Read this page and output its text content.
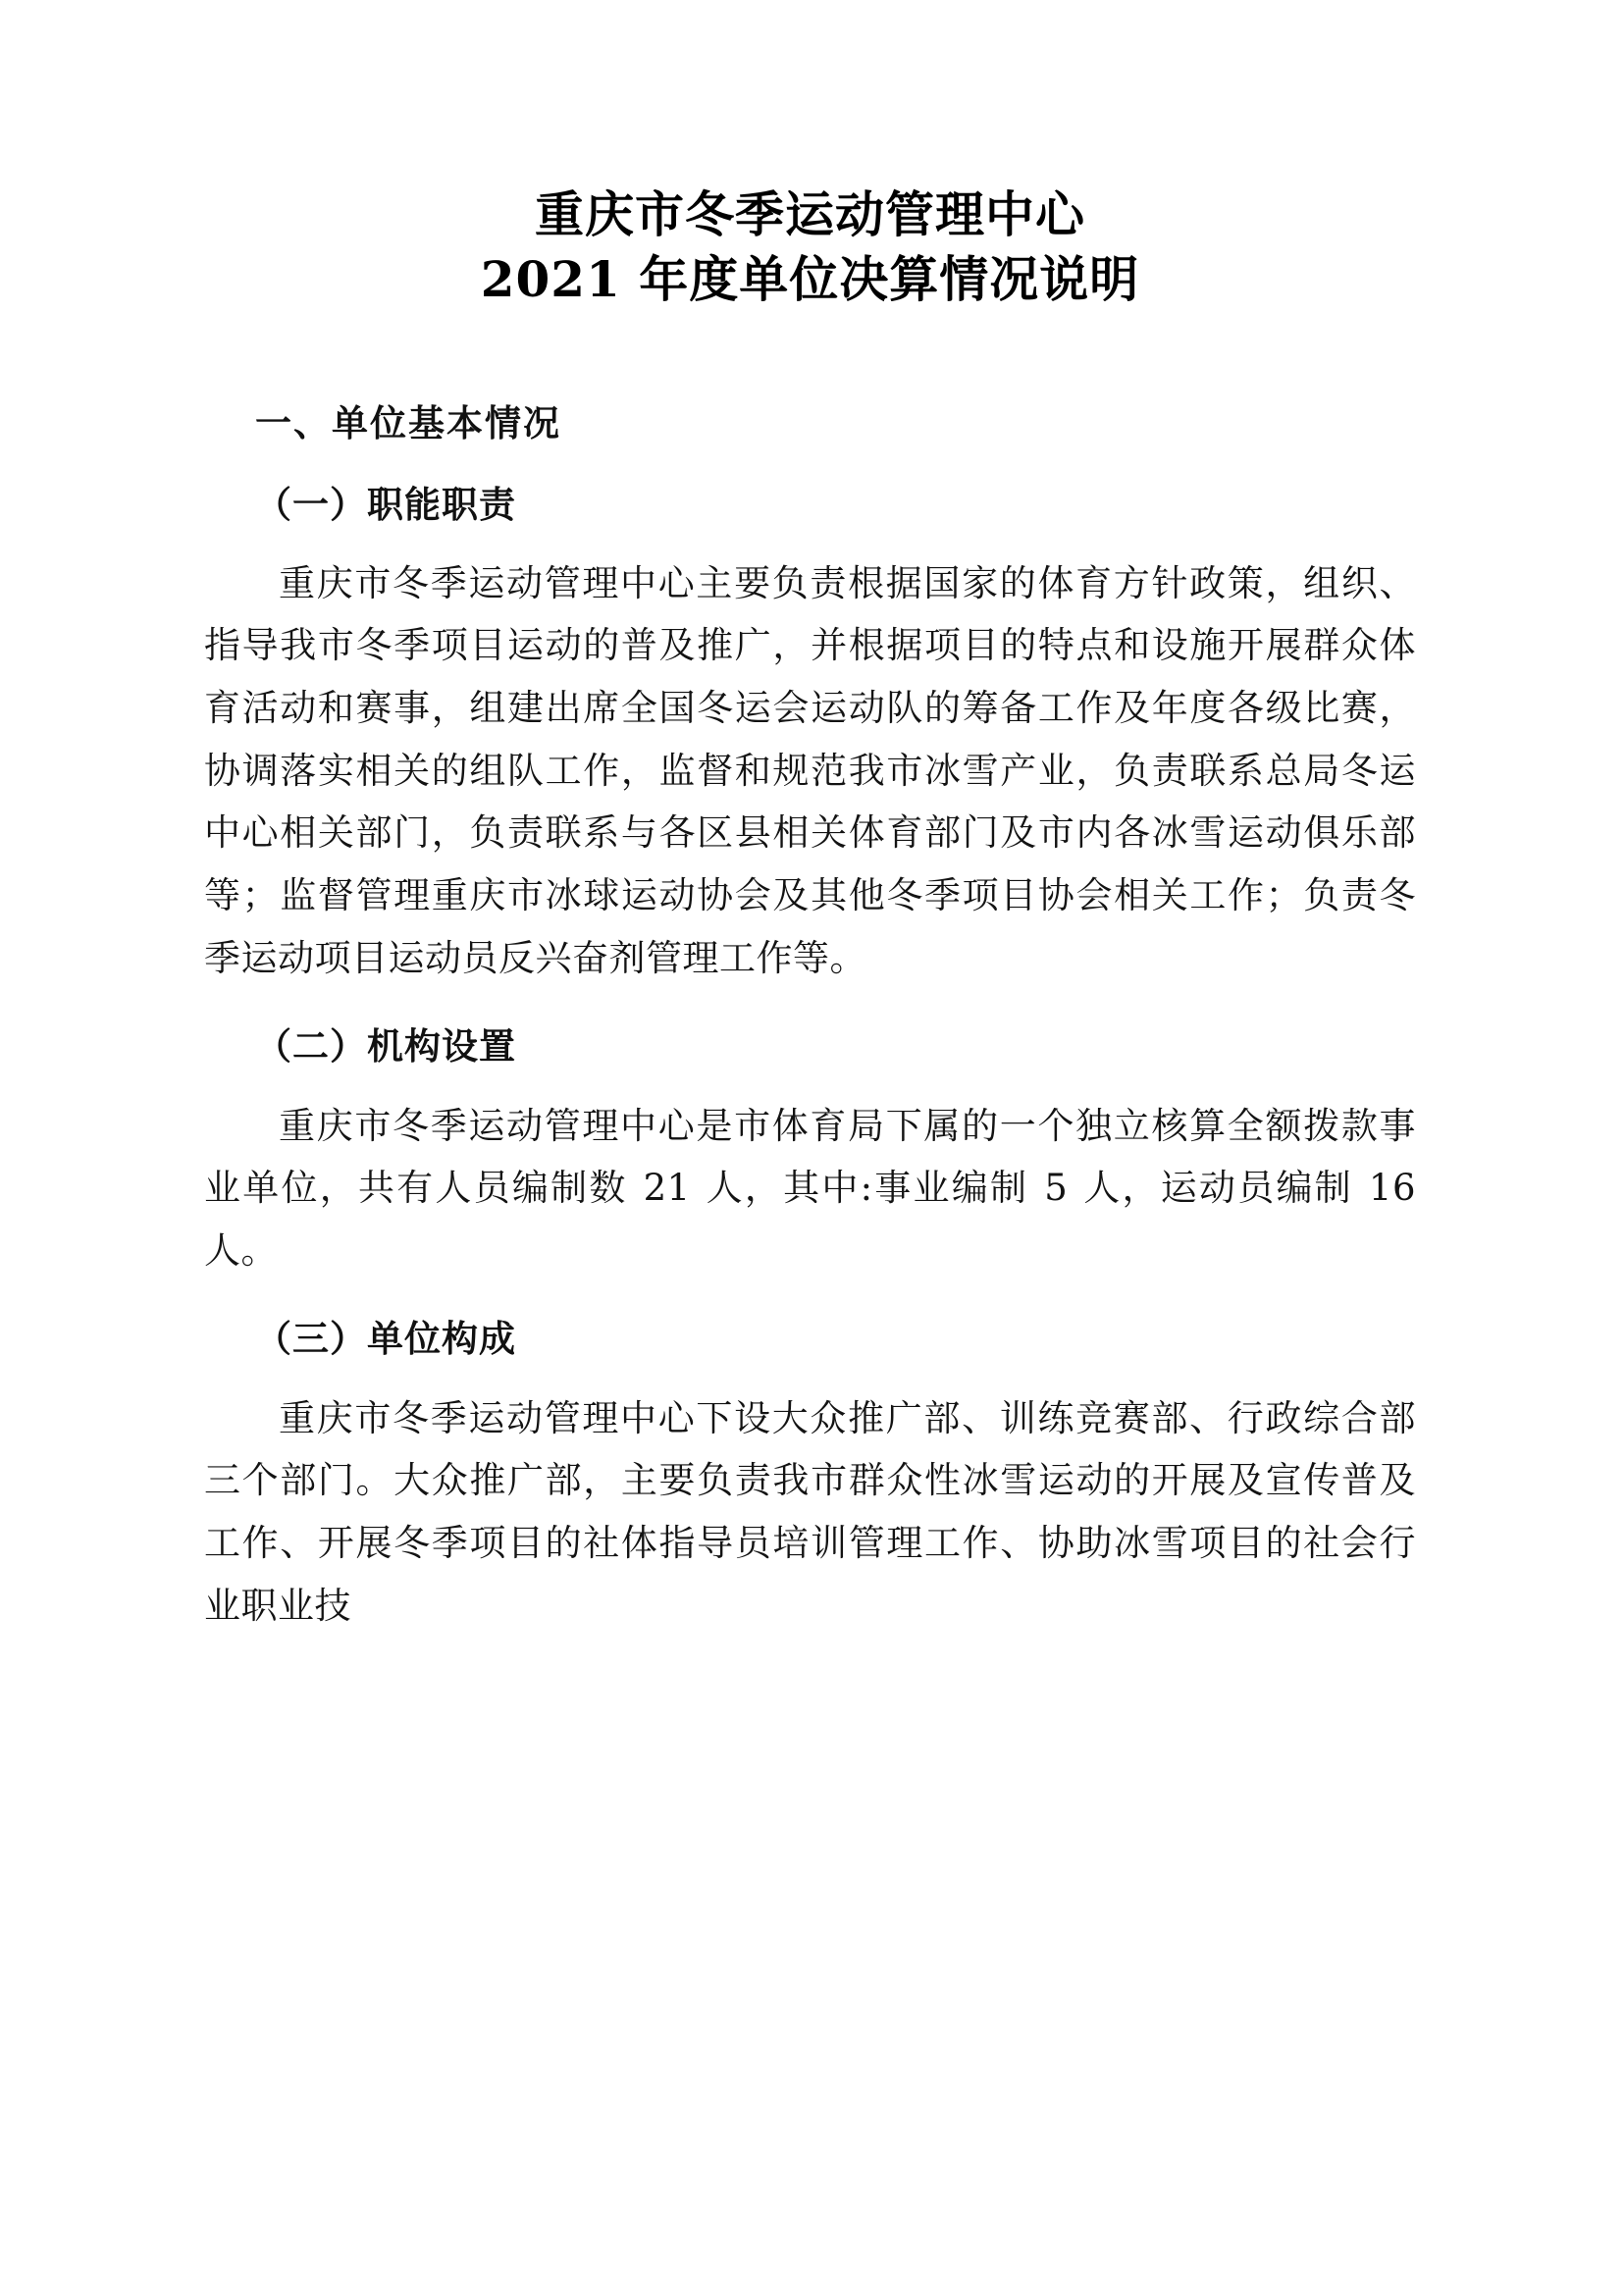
重庆市冬季运动管理中心
2021 年度单位决算情况说明
一、单位基本情况
（一）职能职责

重庆市冬季运动管理中心主要负责根据国家的体育方针政策，组织、指导我市冬季项目运动的普及推广，并根据项目的特点和设施开展群众体育活动和赛事，组建出席全国冬运会运动队的筹备工作及年度各级比赛，协调落实相关的组队工作，监督和规范我市冰雪产业，负责联系总局冬运中心相关部门，负责联系与各区县相关体育部门及市内各冰雪运动俱乐部等；监督管理重庆市冰球运动协会及其他冬季项目协会相关工作；负责冬季运动项目运动员反兴奋剂管理工作等。

（二）机构设置

重庆市冬季运动管理中心是市体育局下属的一个独立核算全额拨款事业单位，共有人员编制数 21 人，其中:事业编制 5 人，运动员编制 16 人。

（三）单位构成

重庆市冬季运动管理中心下设大众推广部、训练竞赛部、行政综合部三个部门。大众推广部，主要负责我市群众性冰雪运动的开展及宣传普及工作、开展冬季项目的社体指导员培训管理工作、协助冰雪项目的社会行业职业技
